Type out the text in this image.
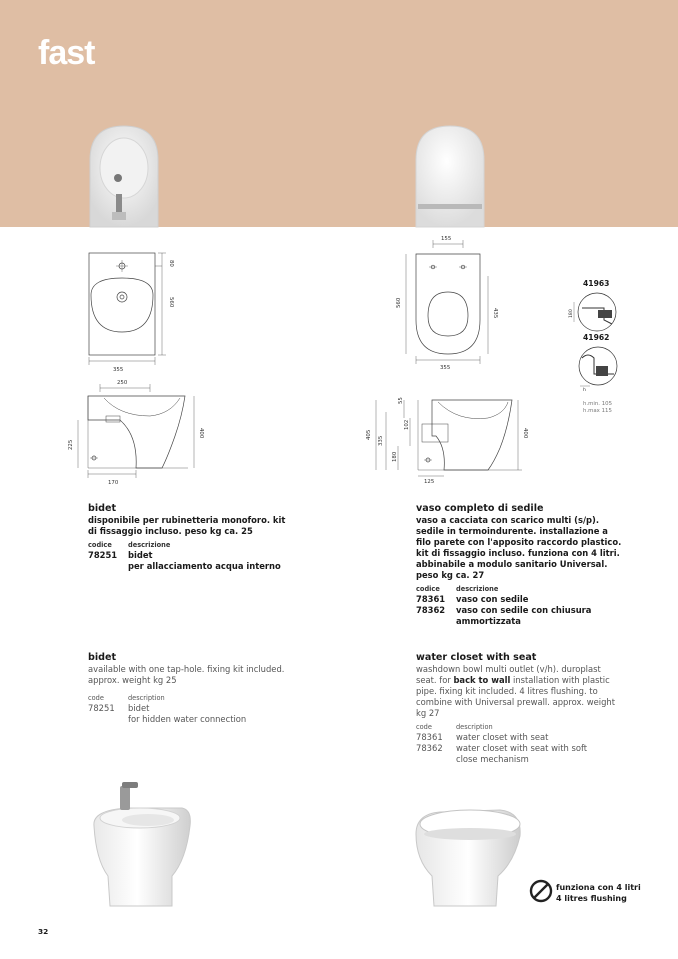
fast
80
560
355
250
400
225
170
155
560
435
355
400
55
102
405
335
180
125
41963
180
41962
h
h.min. 105
h.max 115
bidet
disponibile per rubinetteria monoforo. kit di fissaggio incluso. peso kg ca. 25
codice	descrizione
78251	bidet
per allacciamento acqua interno
vaso completo di sedile
vaso a cacciata con scarico multi (s/p). sedile in termoindurente. installazione a filo parete con l'apposito raccordo plastico. kit di fissaggio incluso. funziona con 4 litri. abbinabile a modulo sanitario Universal. peso kg ca. 27
codice	descrizione
78361	vaso con sedile
78362	vaso con sedile con chiusura ammortizzata
bidet
available with one tap-hole. fixing kit included. approx. weight kg 25
code	description
78251	bidet
for hidden water connection
water closet with seat
washdown bowl multi outlet (v/h). duroplast seat. for back to wall installation with plastic pipe. fixing kit included. 4 litres flushing. to combine with Universal prewall. approx. weight kg 27
code	description
78361	water closet with seat
78362	water closet with seat with soft close mechanism
funziona con 4 litri
4 litres flushing
32
